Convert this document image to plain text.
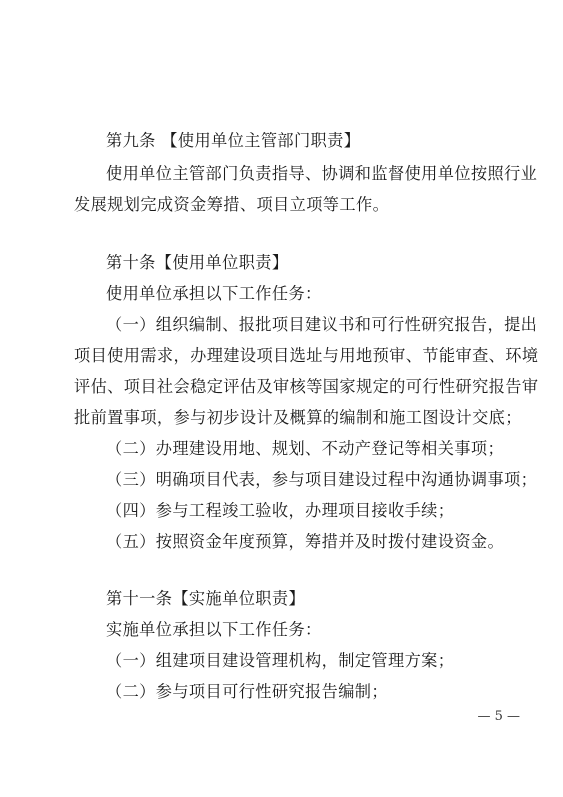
第九条 【使用单位主管部门职责】
使用单位主管部门负责指导、协调和监督使用单位按照行业
发展规划完成资金筹措、项目立项等工作。
第十条【使用单位职责】
使用单位承担以下工作任务：
（一）组织编制、报批项目建议书和可行性研究报告，提出
项目使用需求，办理建设项目选址与用地预审、节能审查、环境
评估、项目社会稳定评估及审核等国家规定的可行性研究报告审
批前置事项，参与初步设计及概算的编制和施工图设计交底；
（二）办理建设用地、规划、不动产登记等相关事项；
（三）明确项目代表，参与项目建设过程中沟通协调事项；
（四）参与工程竣工验收，办理项目接收手续；
（五）按照资金年度预算，筹措并及时拨付建设资金。
第十一条【实施单位职责】
实施单位承担以下工作任务：
（一）组建项目建设管理机构，制定管理方案；
（二）参与项目可行性研究报告编制；
— 5 —
